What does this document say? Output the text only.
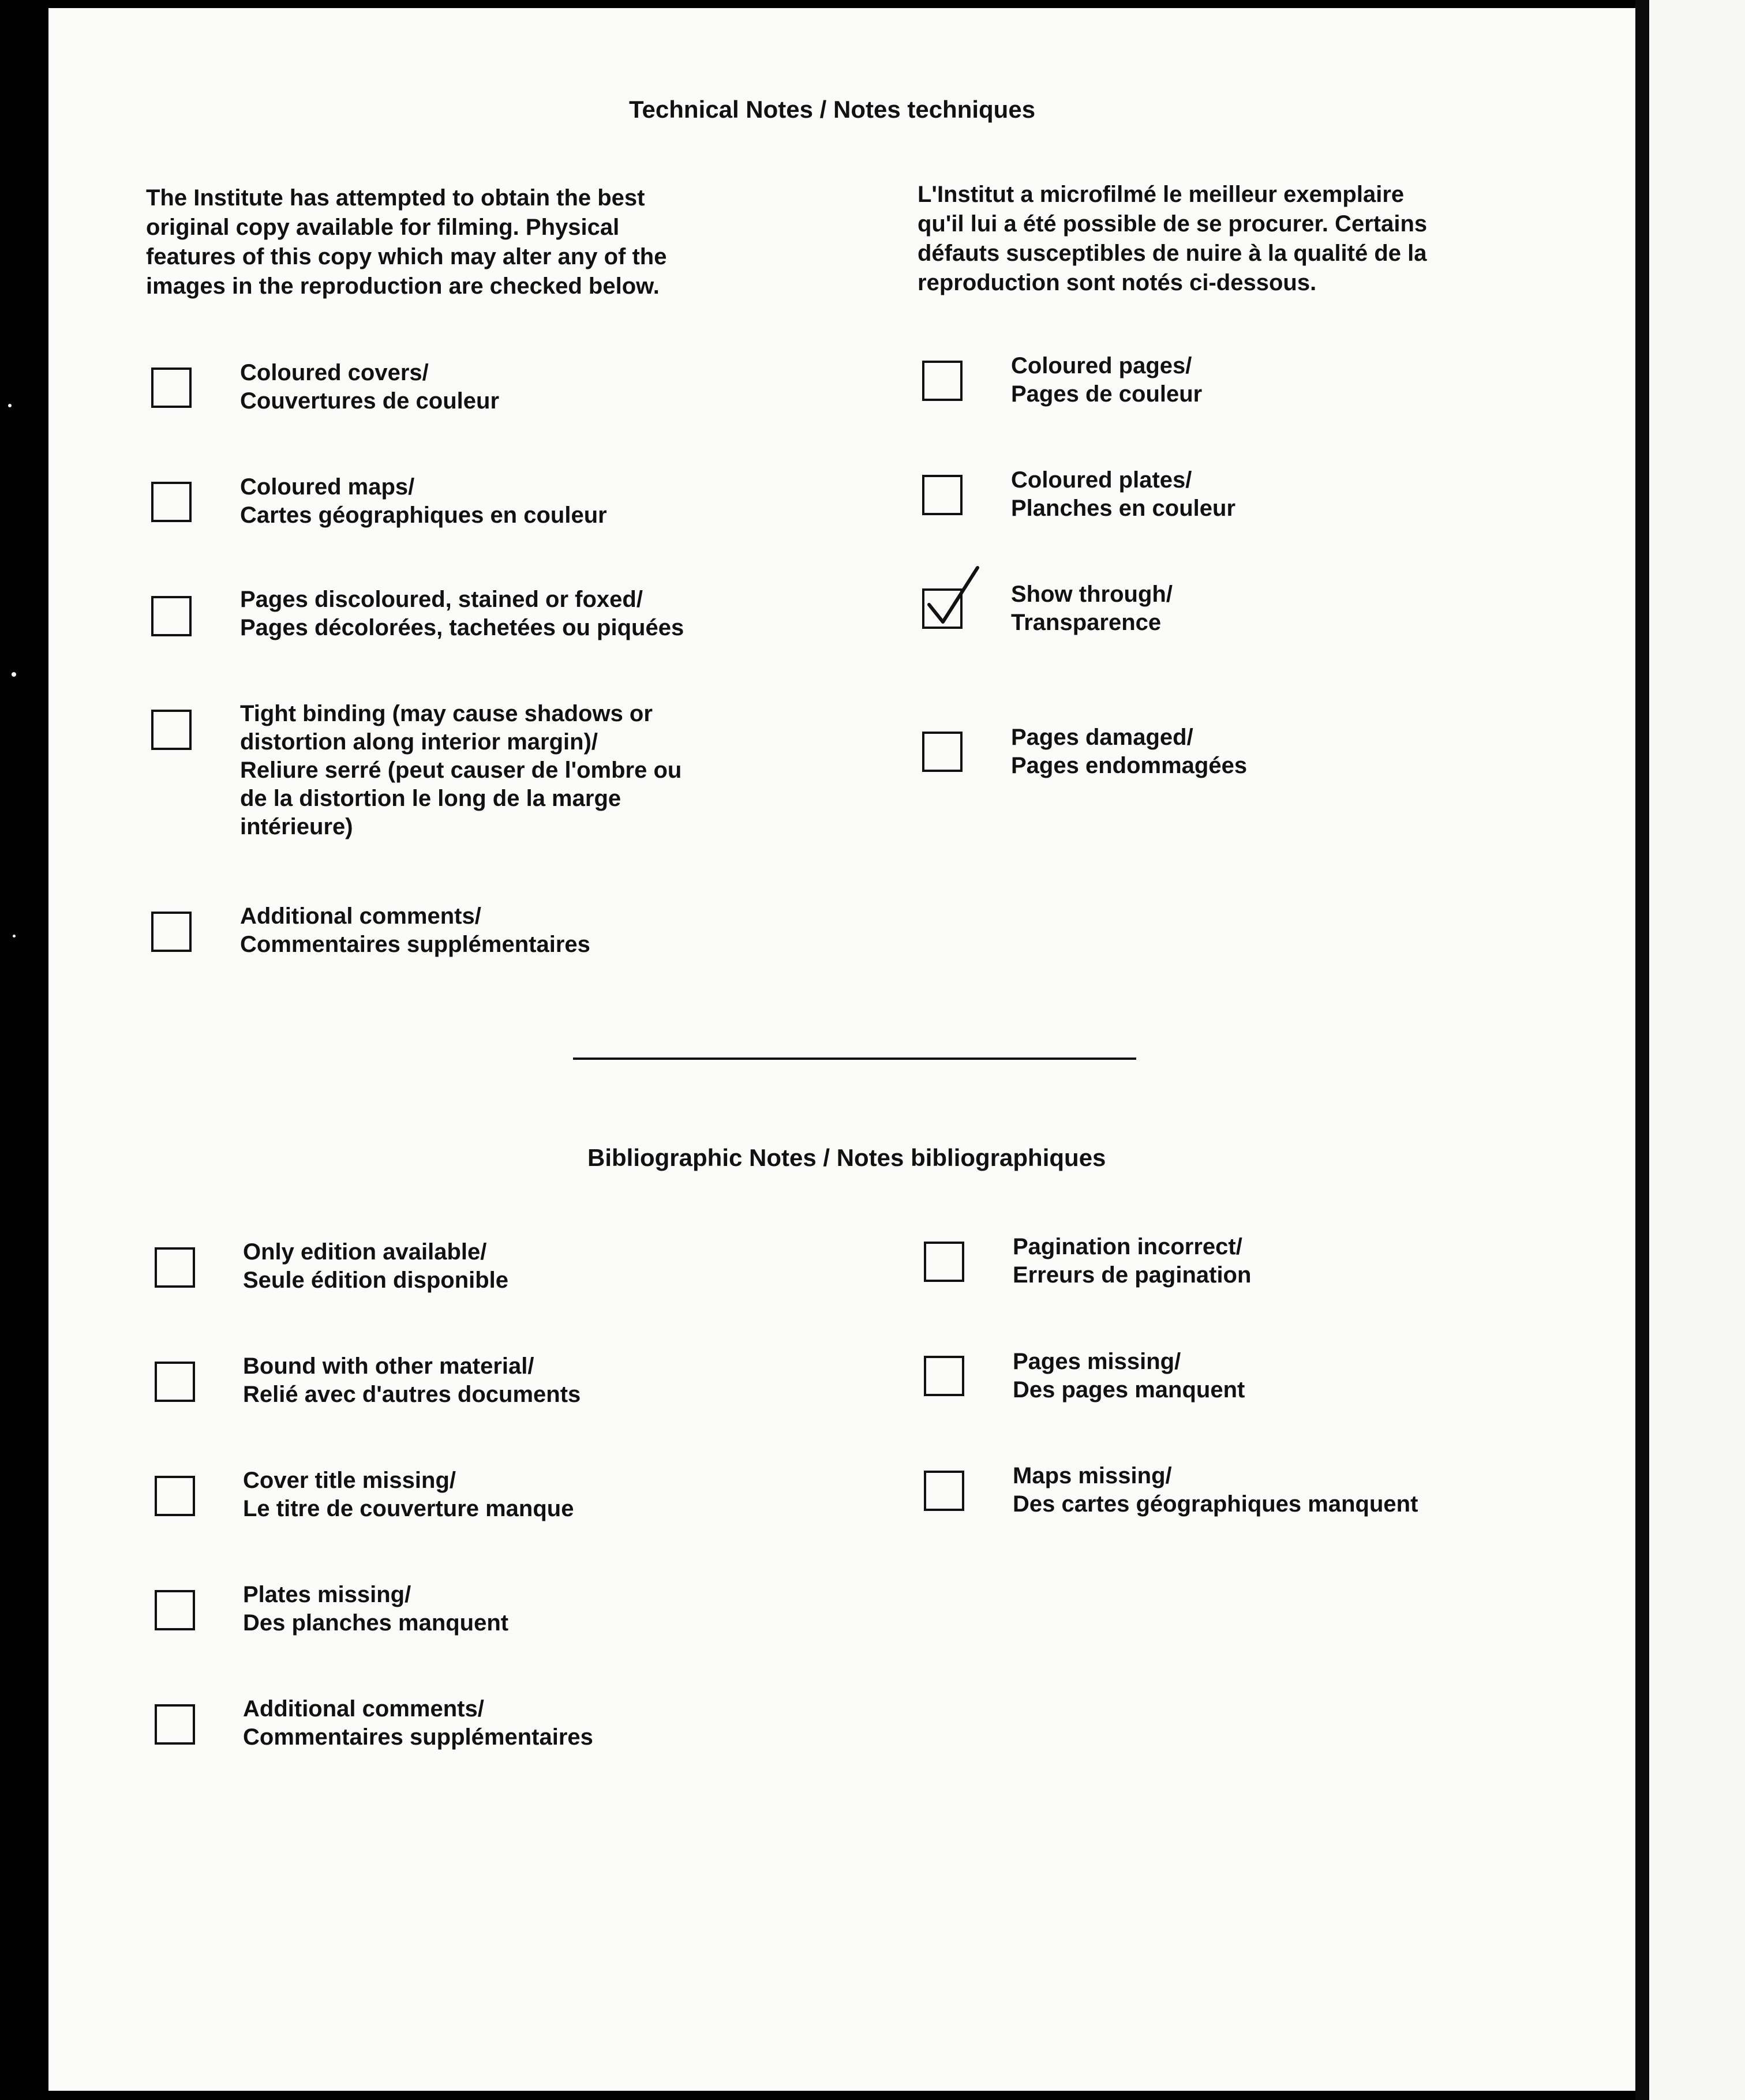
Technical Notes / Notes techniques
The Institute has attempted to obtain the best
original copy available for filming. Physical
features of this copy which may alter any of the
images in the reproduction are checked below.
L'Institut a microfilmé le meilleur exemplaire
qu'il lui a été possible de se procurer. Certains
défauts susceptibles de nuire à la qualité de la
reproduction sont notés ci-dessous.
Coloured covers/
Couvertures de couleur
Coloured maps/
Cartes géographiques en couleur
Pages discoloured, stained or foxed/
Pages décolorées, tachetées ou piquées
Tight binding (may cause shadows or
distortion along interior margin)/
Reliure serré (peut causer de l'ombre ou
de la distortion le long de la marge
intérieure)
Additional comments/
Commentaires supplémentaires
Coloured pages/
Pages de couleur
Coloured plates/
Planches en couleur
Show through/
Transparence
Pages damaged/
Pages endommagées
Bibliographic Notes / Notes bibliographiques
Only edition available/
Seule édition disponible
Bound with other material/
Relié avec d'autres documents
Cover title missing/
Le titre de couverture manque
Plates missing/
Des planches manquent
Additional comments/
Commentaires supplémentaires
Pagination incorrect/
Erreurs de pagination
Pages missing/
Des pages manquent
Maps missing/
Des cartes géographiques manquent
